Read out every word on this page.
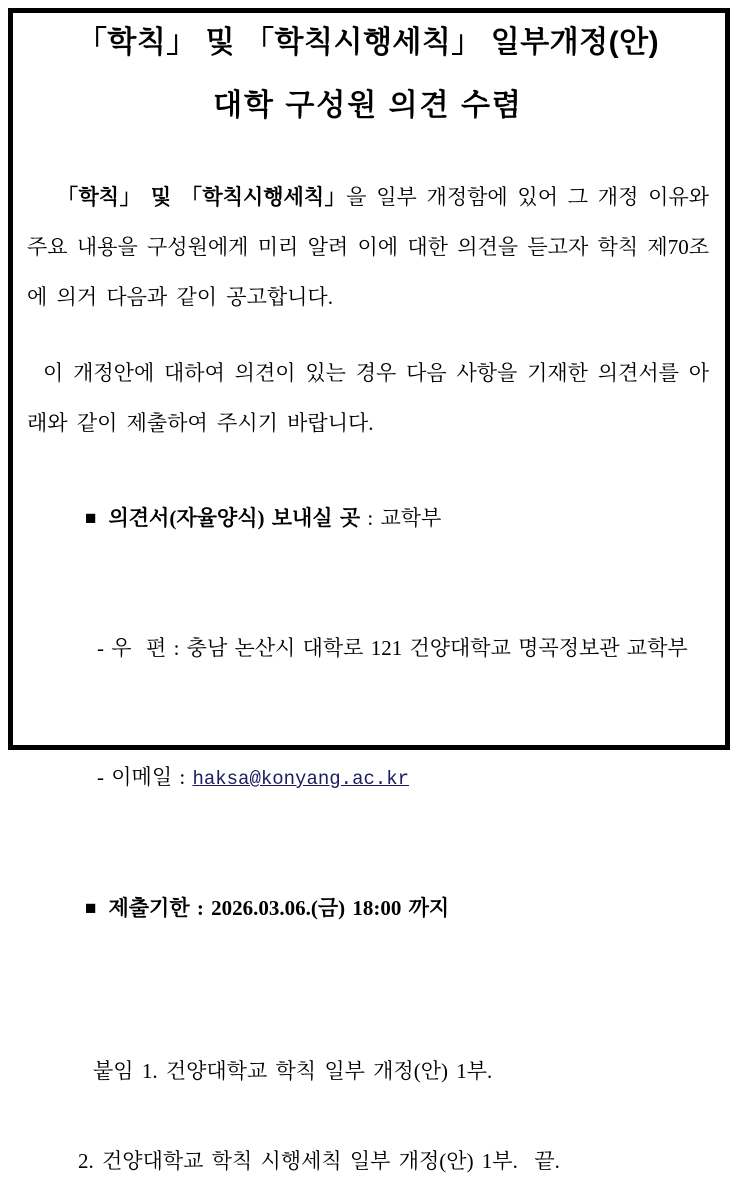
「학칙」 및 「학칙시행세칙」 일부개정(안)
대학 구성원 의견 수렴
「학칙」 및 「학칙시행세칙」을 일부 개정함에 있어 그 개정 이유와 주요 내용을 구성원에게 미리 알려 이에 대한 의견을 듣고자 학칙 제70조에 의거 다음과 같이 공고합니다.
이 개정안에 대하여 의견이 있는 경우 다음 사항을 기재한 의견서를 아래와 같이 제출하여 주시기 바랍니다.

■ 의견서(자율양식) 보내실 곳 : 교학부

- 우  편 : 충남 논산시 대학로 121 건양대학교 명곡정보관 교학부

- 이메일 : haksa@konyang.ac.kr

■ 제출기한 : 2026.03.06.(금) 18:00 까지

붙임 1. 건양대학교 학칙 일부 개정(안) 1부.

2. 건양대학교 학칙 시행세칙 일부 개정(안) 1부.  끝.
